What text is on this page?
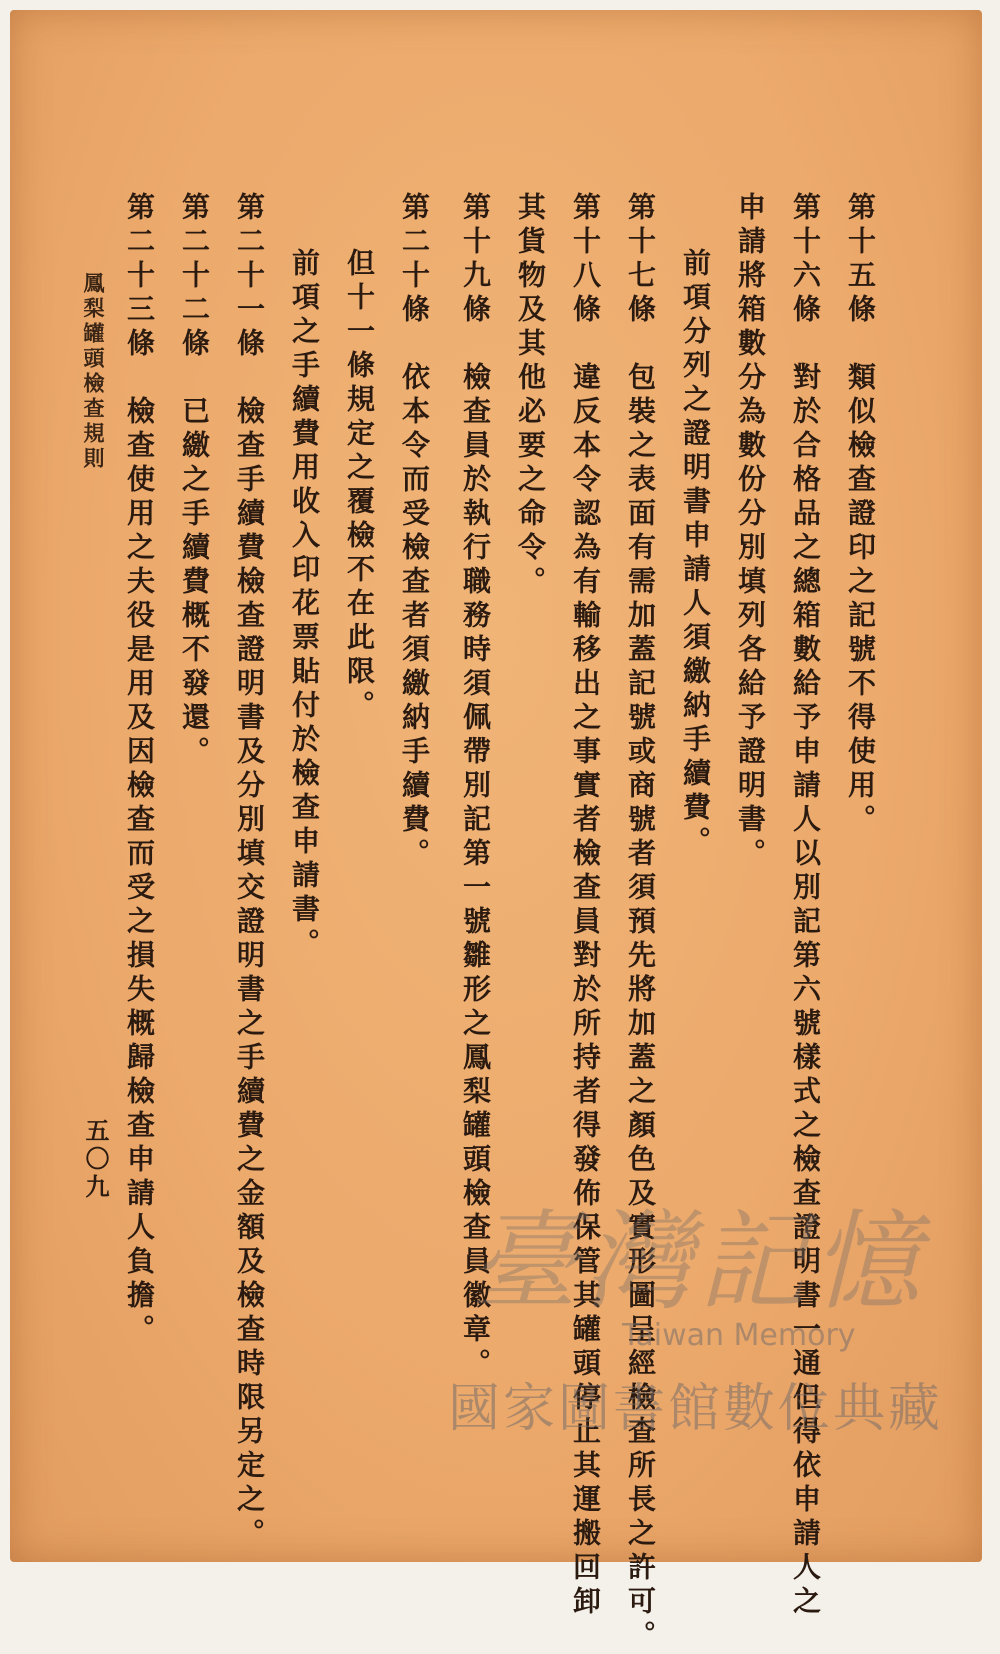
第十五條　類似檢查證印之記號不得使用。
第十六條　對於合格品之總箱數給予申請人以別記第六號樣式之檢查證明書一通但得依申請人之
申請將箱數分為數份分別填列各給予證明書。
前項分列之證明書申請人須繳納手續費。
第十七條　包裝之表面有需加蓋記號或商號者須預先將加蓋之顏色及實形圖呈經檢查所長之許可。
第十八條　違反本令認為有輸移出之事實者檢查員對於所持者得發佈保管其罐頭停止其運搬回卸
其貨物及其他必要之命令。
第十九條　檢查員於執行職務時須佩帶別記第一號雛形之鳳梨罐頭檢查員徽章。
第二十條　依本令而受檢查者須繳納手續費。
但十一條規定之覆檢不在此限。
前項之手續費用收入印花票貼付於檢查申請書。
第二十一條　檢查手續費檢查證明書及分別填交證明書之手續費之金額及檢查時限另定之。
第二十二條　已繳之手續費概不發還。
第二十三條　檢查使用之夫役是用及因檢查而受之損失概歸檢查申請人負擔。
鳳梨罐頭檢查規則
五〇九
臺灣記憶
Taiwan Memory
國家圖書館數位典藏
